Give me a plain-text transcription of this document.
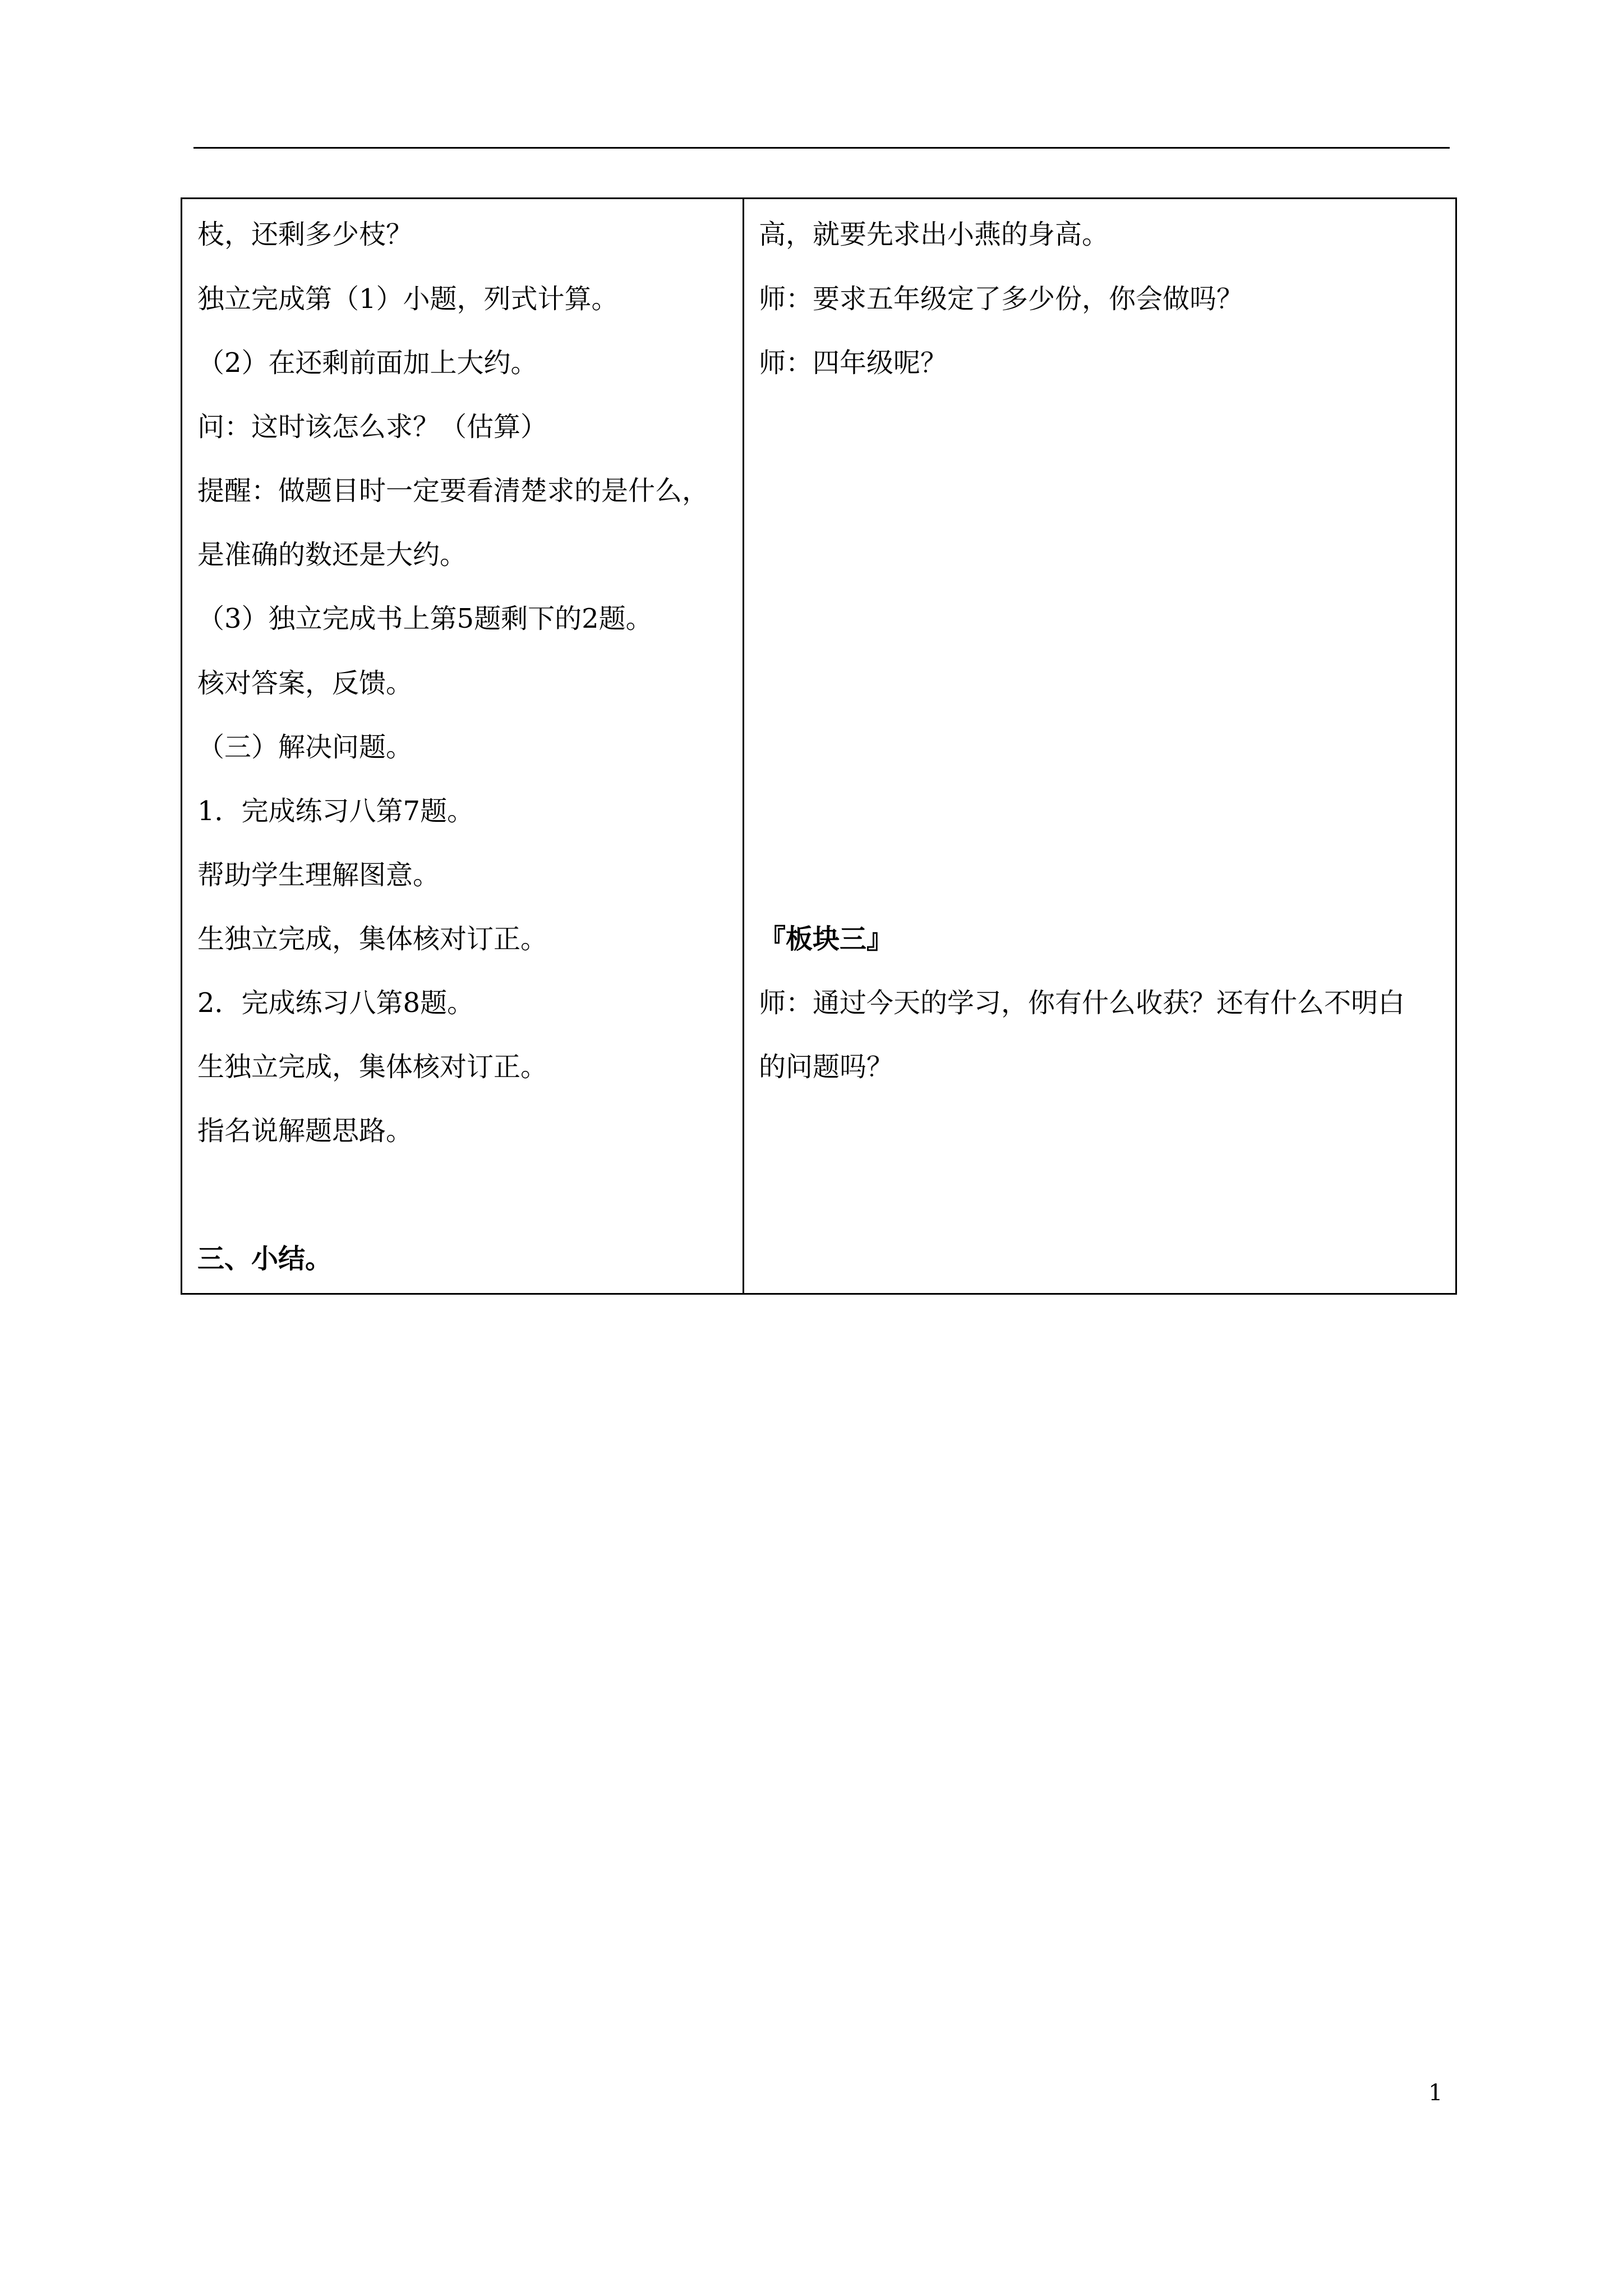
枝，还剩多少枝？
独立完成第（1）小题，列式计算。
（2）在还剩前面加上大约。
问：这时该怎么求？（估算）
提醒：做题目时一定要看清楚求的是什么，
是准确的数还是大约。
（3）独立完成书上第5题剩下的2题。
核对答案，反馈。
（三）解决问题。
1．完成练习八第7题。
帮助学生理解图意。
生独立完成，集体核对订正。
2．完成练习八第8题。
生独立完成，集体核对订正。
指名说解题思路。
三、小结。
高，就要先求出小燕的身高。
师：要求五年级定了多少份，你会做吗？
师：四年级呢？
『板块三』
师：通过今天的学习，你有什么收获？还有什么不明白
的问题吗？
1
